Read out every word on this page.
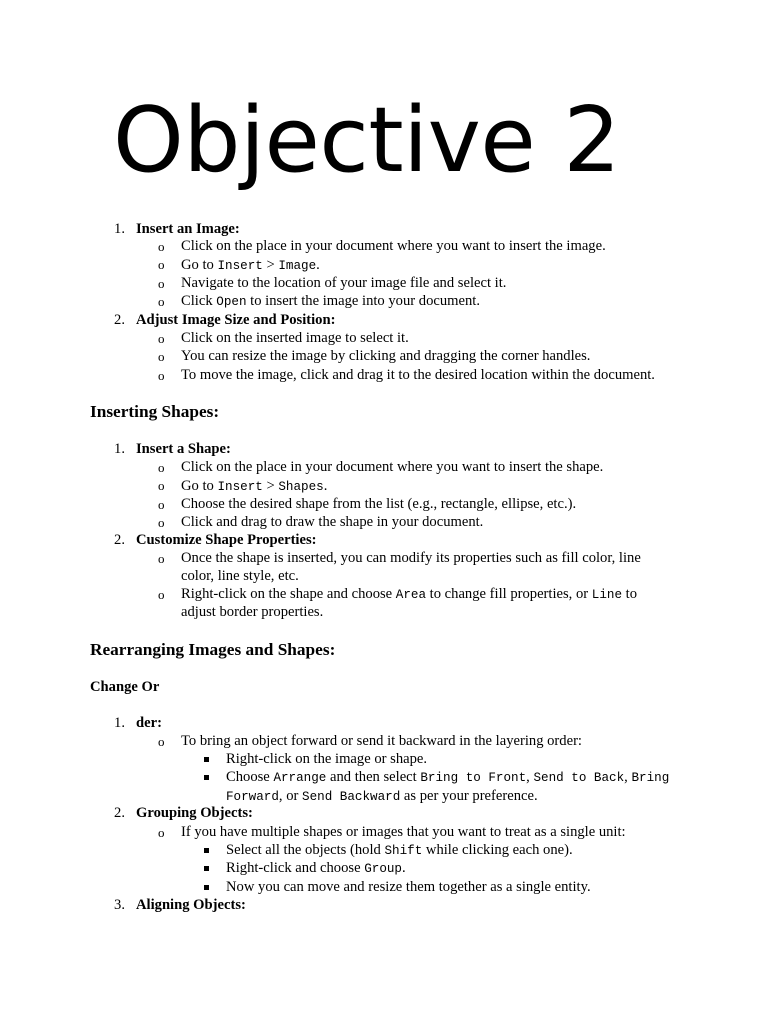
Objective 2
1. Insert an Image:
o Click on the place in your document where you want to insert the image.
o Go to Insert > Image.
o Navigate to the location of your image file and select it.
o Click Open to insert the image into your document.
2. Adjust Image Size and Position:
o Click on the inserted image to select it.
o You can resize the image by clicking and dragging the corner handles.
o To move the image, click and drag it to the desired location within the document.
Inserting Shapes:
1. Insert a Shape:
o Click on the place in your document where you want to insert the shape.
o Go to Insert > Shapes.
o Choose the desired shape from the list (e.g., rectangle, ellipse, etc.).
o Click and drag to draw the shape in your document.
2. Customize Shape Properties:
o Once the shape is inserted, you can modify its properties such as fill color, line
color, line style, etc.
o Right-click on the shape and choose Area to change fill properties, or Line to
adjust border properties.
Rearranging Images and Shapes:
Change Or
1. der:
o To bring an object forward or send it backward in the layering order:
Right-click on the image or shape.
Choose Arrange and then select Bring to Front, Send to Back, Bring
Forward, or Send Backward as per your preference.
2. Grouping Objects:
o If you have multiple shapes or images that you want to treat as a single unit:
Select all the objects (hold Shift while clicking each one).
Right-click and choose Group.
Now you can move and resize them together as a single entity.
3. Aligning Objects:
